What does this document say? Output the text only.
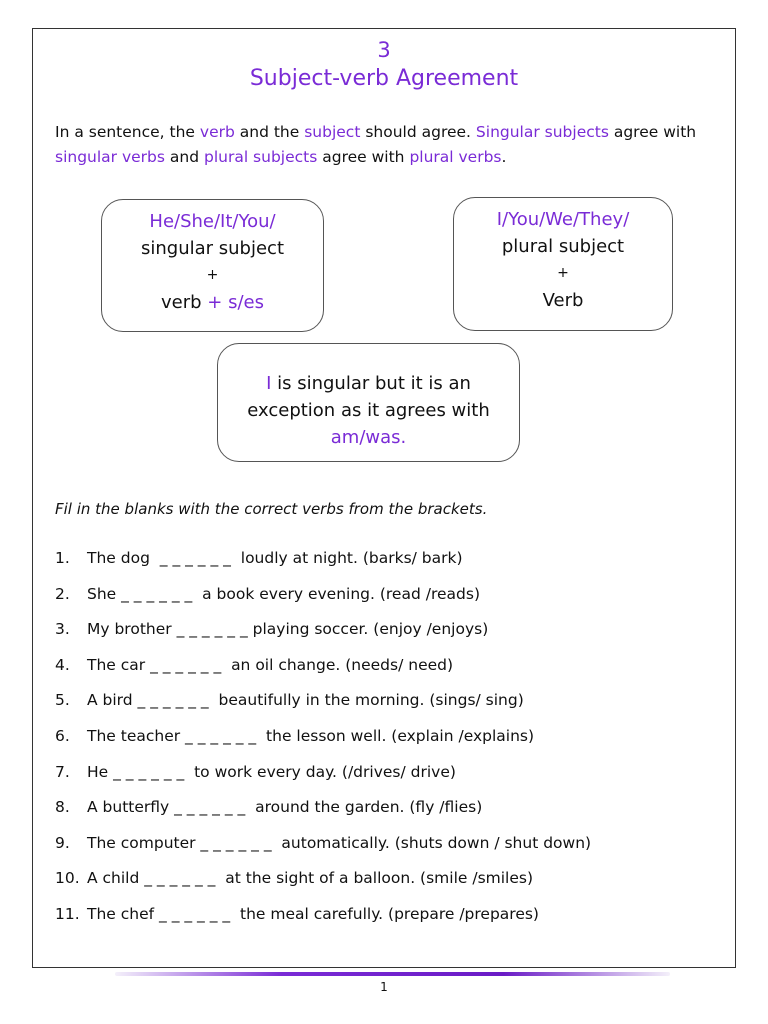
3
Subject-verb Agreement
In a sentence, the verb and the subject should agree. Singular subjects agree with singular verbs and plural subjects agree with plural verbs.
He/She/It/You/
singular subject
+
verb + s/es
I/You/We/They/
plural subject
+
Verb
I is singular but it is an
exception as it agrees with
am/was.
Fil in the blanks with the correct verbs from the brackets.
1. The dog  _ _ _ _ _ _  loudly at night. (barks/ bark)
2. She _ _ _ _ _ _  a book every evening. (read /reads)
3. My brother _ _ _ _ _ _ playing soccer. (enjoy /enjoys)
4. The car _ _ _ _ _ _  an oil change. (needs/ need)
5. A bird _ _ _ _ _ _  beautifully in the morning. (sings/ sing)
6. The teacher _ _ _ _ _ _  the lesson well. (explain /explains)
7. He _ _ _ _ _ _  to work every day. (/drives/ drive)
8. A butterfly _ _ _ _ _ _  around the garden. (fly /flies)
9. The computer _ _ _ _ _ _  automatically. (shuts down / shut down)
10. A child _ _ _ _ _ _  at the sight of a balloon. (smile /smiles)
11. The chef _ _ _ _ _ _  the meal carefully. (prepare /prepares)
1
